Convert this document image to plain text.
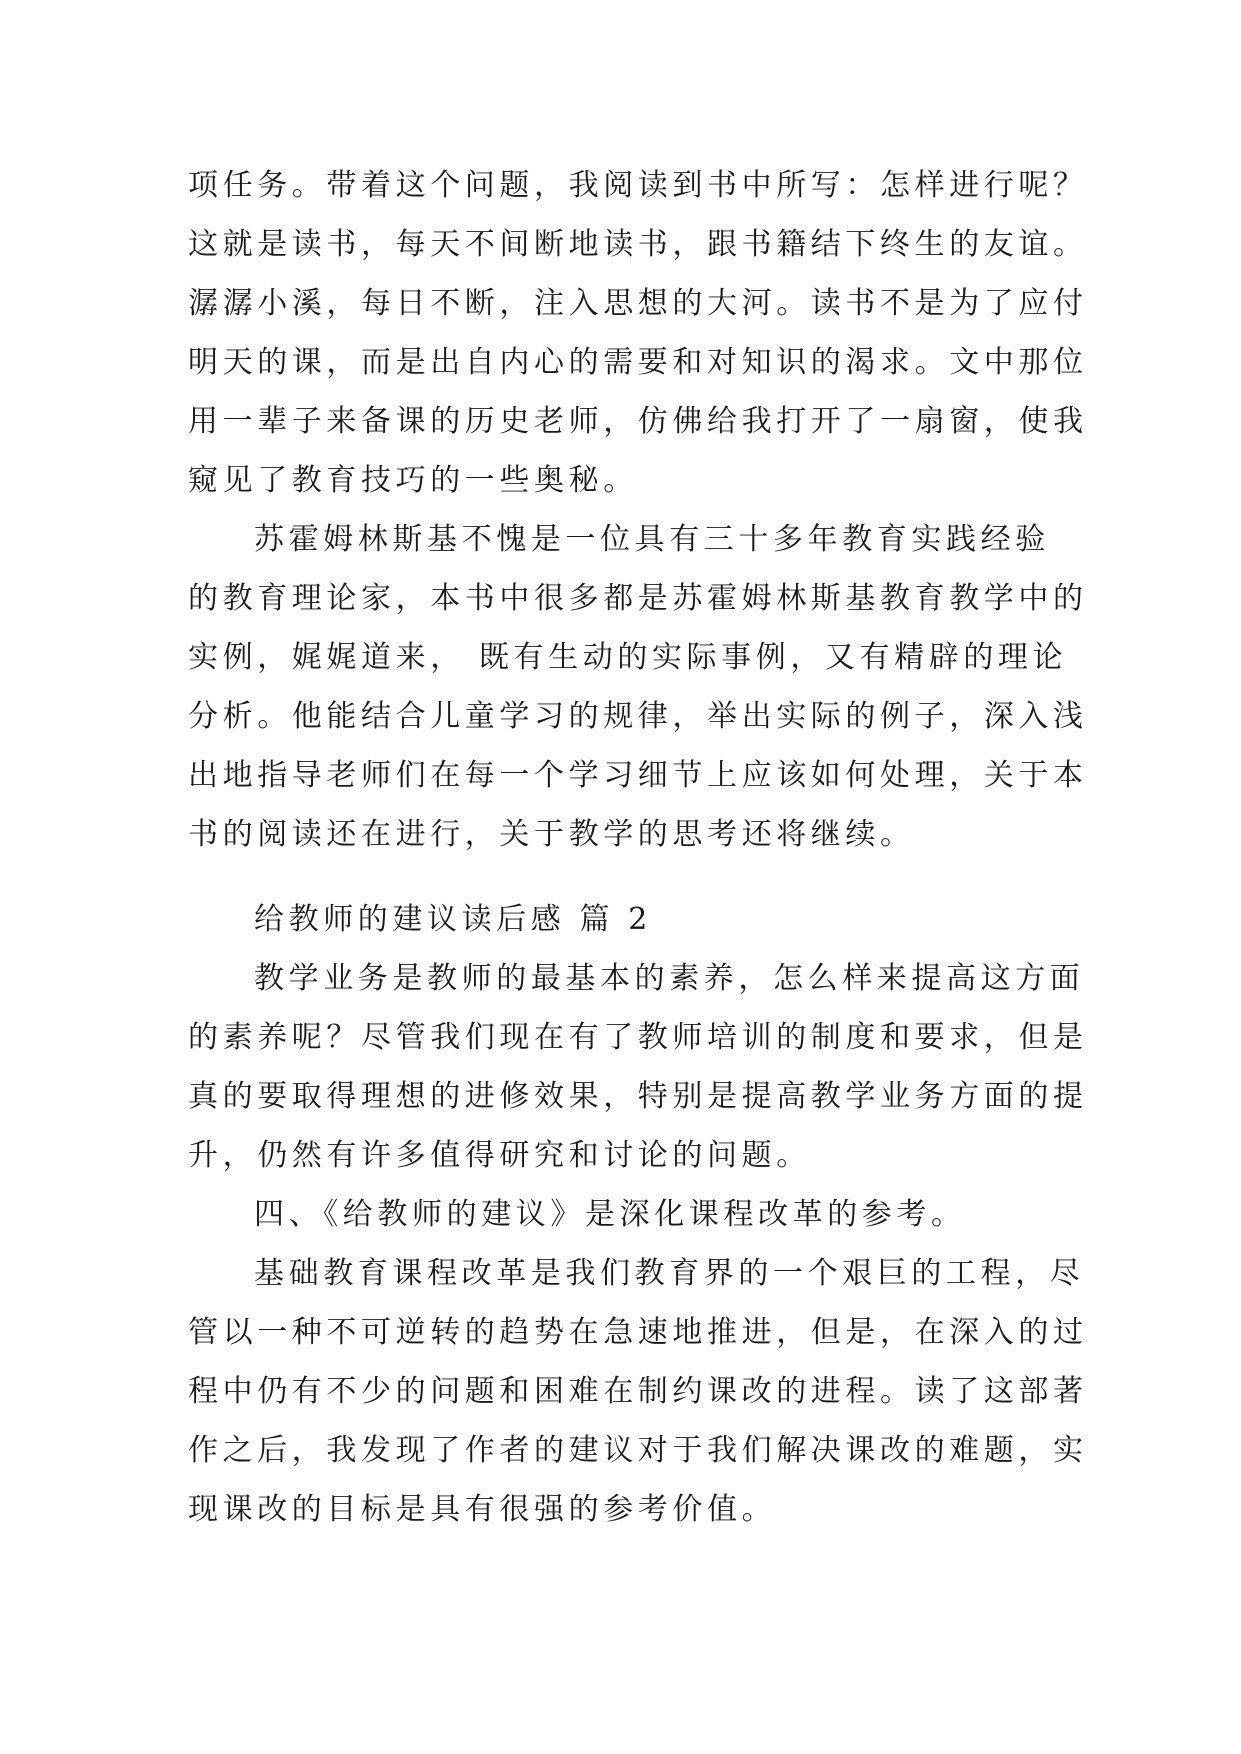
项任务。带着这个问题，我阅读到书中所写：怎样进行呢？
这就是读书，每天不间断地读书，跟书籍结下终生的友谊。
潺潺小溪，每日不断，注入思想的大河。读书不是为了应付
明天的课，而是出自内心的需要和对知识的渴求。文中那位
用一辈子来备课的历史老师，仿佛给我打开了一扇窗，使我
窥见了教育技巧的一些奥秘。
苏霍姆林斯基不愧是一位具有三十多年教育实践经验
的教育理论家，本书中很多都是苏霍姆林斯基教育教学中的
实例，娓娓道来， 既有生动的实际事例，又有精辟的理论
分析。他能结合儿童学习的规律，举出实际的例子，深入浅
出地指导老师们在每一个学习细节上应该如何处理，关于本
书的阅读还在进行，关于教学的思考还将继续。
给教师的建议读后感 篇 2
教学业务是教师的最基本的素养，怎么样来提高这方面
的素养呢？尽管我们现在有了教师培训的制度和要求，但是
真的要取得理想的进修效果，特别是提高教学业务方面的提
升，仍然有许多值得研究和讨论的问题。
四、《给教师的建议》是深化课程改革的参考。
基础教育课程改革是我们教育界的一个艰巨的工程，尽
管以一种不可逆转的趋势在急速地推进，但是，在深入的过
程中仍有不少的问题和困难在制约课改的进程。读了这部著
作之后，我发现了作者的建议对于我们解决课改的难题，实
现课改的目标是具有很强的参考价值。
